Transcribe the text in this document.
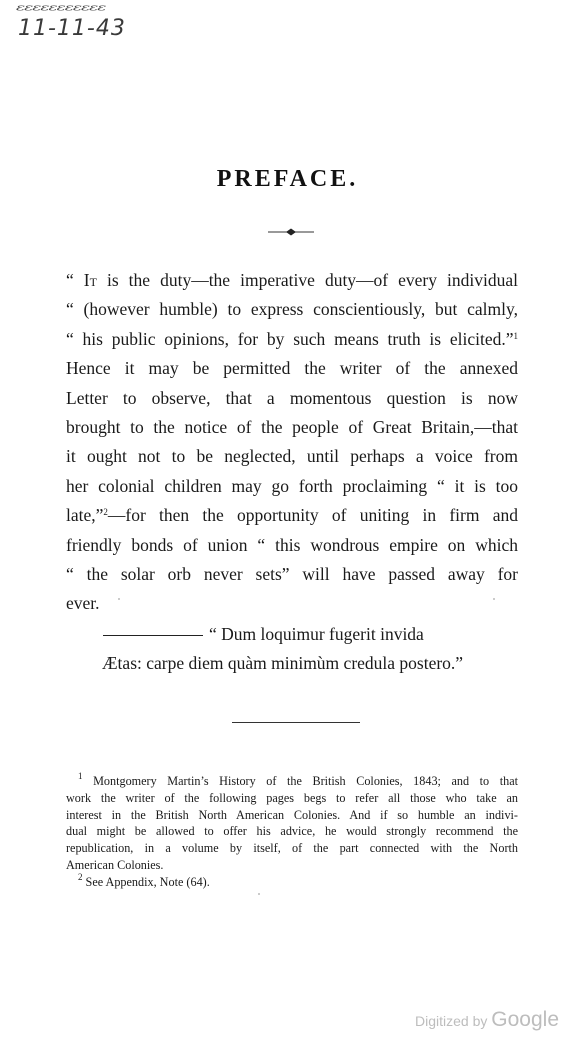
ɛɛɛɛɛɛɛɛɛɛɛ
11-11-43
PREFACE.
“ It is the duty—the imperative duty—of every individual
“ (however humble) to express conscientiously, but calmly,
“ his public opinions, for by such means truth is elicited.”$^1$
Hence it may be permitted the writer of the annexed
Letter to observe, that a momentous question is now
brought to the notice of the people of Great Britain,—that
it ought not to be neglected, until perhaps a voice from
her colonial children may go forth proclaiming “ it is too
late,”$^2$—for then the opportunity of uniting in firm and
friendly bonds of union “ this wondrous empire on which
“ the solar orb never sets” will have passed away for
ever.
“ Dum loquimur fugerit invida
Ætas: carpe diem quàm minimùm credula postero.”
$^1$ Montgomery Martin’s History of the British Colonies, 1843; and to that
work the writer of the following pages begs to refer all those who take an
interest in the British North American Colonies. And if so humble an indivi-
dual might be allowed to offer his advice, he would strongly recommend the
republication, in a volume by itself, of the part connected with the North
American Colonies.
$^2$ See Appendix, Note (64).
Digitized by Google
